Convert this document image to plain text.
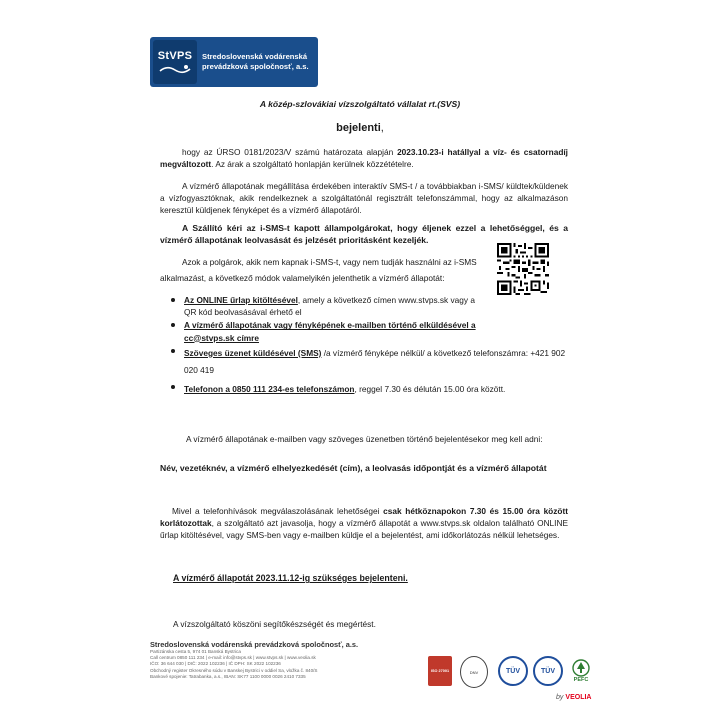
StVPS Stredoslovenská vodárenská
prevádzková spoločnosť, a.s.

A közép-szlovákiai vízszolgáltató vállalat rt.(SVS)

bejelenti,

hogy az ÚRSO 0181/2023/V számú határozata alapján 2023.10.23-i hatállyal a víz- és csatornadíj megváltozott. Az árak a szolgáltató honlapján kerülnek közzétételre.

A vízmérő állapotának megállítása érdekében interaktív SMS-t / a továbbiakban i-SMS/ küldtek/küldenek a vízfogyasztóknak, akik rendelkeznek a szolgáltatónál regisztrált telefonszámmal, hogy az alkalmazáson keresztül küldjenek fényképet és a vízmérő állapotáról.

A Szállító kéri az i-SMS-t kapott állampolgárokat, hogy éljenek ezzel a lehetőséggel, és a vízmérő állapotának leolvasását és jelzését prioritásként kezeljék.

Azok a polgárok, akik nem kapnak i-SMS-t, vagy nem tudják használni az i-SMS
alkalmazást, a következő módok valamelyikén jelenthetik a vízmérő állapotát:

Az ONLINE űrlap kitöltésével, amely a következő címen www.stvps.sk vagy a QR kód beolvasásával érhető el
A vízmérő állapotának vagy fényképének e-mailben történő elküldésével a cc@stvps.sk címre
Szöveges üzenet küldésével (SMS) /a vízmérő fényképe nélkül/ a következő telefonszámra: +421 902 020 419
Telefonon a 0850 111 234-es telefonszámon, reggel 7.30 és délután 15.00 óra között.

A vízmérő állapotának e-mailben vagy szöveges üzenetben történő bejelentésekor meg kell adni:

Név, vezetéknév, a vízmérő elhelyezkedését (cím), a leolvasás időpontját és a vízmérő állapotát

Mivel a telefonhívások megválaszolásának lehetőségei csak hétköznapokon 7.30 és 15.00 óra között korlátozottak, a szolgáltató azt javasolja, hogy a vízmérő állapotát a www.stvps.sk oldalon található ONLINE űrlap kitöltésével, vagy SMS-ben vagy e-mailben küldje el a bejelentést, ami időkorlátozás nélkül lehetséges.

A vízmérő állapotát 2023.11.12-ig szükséges bejelenteni.

A vízszolgáltató köszöni segítőkészségét és megértést.

Stredoslovenská vodárenská prevádzková spoločnosť, a.s.
Partizánska cesta 5, 974 01 Banská Bystrica
Call centrum 0850 111 234 | e-mail: info@stvps.sk | www.stvps.sk | www.veolia.sk
IČO: 36 644 030 | DIČ: 2022 102236 | IČ DPH: SK 2022 102236
Obchodný register Okresného súdu v Banskej Bystrici v oddiel Sa, vložka č. 840/S
Bankové spojenie: Tatrabanka, a.s., IBAN: SK77 1100 0000 0026 2410 7335
ISO 27001	DNV	TÜV	TÜV
PEFC
by VEOLIA
